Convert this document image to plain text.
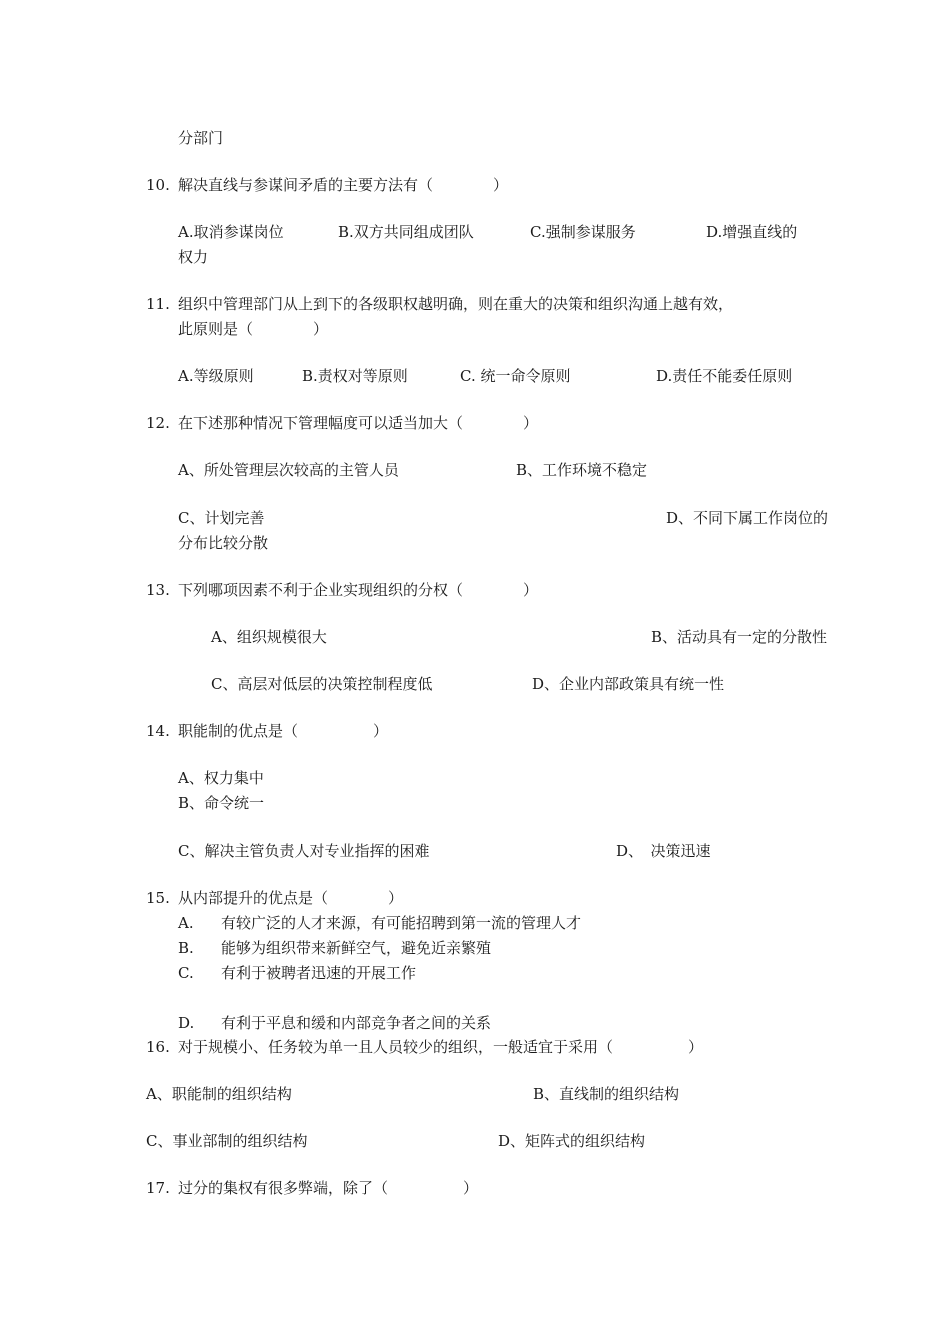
分部门
10. 解决直线与参谋间矛盾的主要方法有（　　　　）
A.取消参谋岗位	B.双方共同组成团队	C.强制参谋服务	D.增强直线的
权力
11. 组织中管理部门从上到下的各级职权越明确，则在重大的决策和组织沟通上越有效，
此原则是（　　　　）
A.等级原则	B.责权对等原则	C. 统一命令原则	D.责任不能委任原则
12. 在下述那种情况下管理幅度可以适当加大（　　　　）
A、所处管理层次较高的主管人员	B、工作环境不稳定
C、计划完善	D、不同下属工作岗位的
分布比较分散
13. 下列哪项因素不利于企业实现组织的分权（　　　　）
A、组织规模很大	B、活动具有一定的分散性
C、高层对低层的决策控制程度低	D、企业内部政策具有统一性
14. 职能制的优点是（　　　　　）
A、权力集中
B、命令统一
C、解决主管负责人对专业指挥的困难	D、　决策迅速
15. 从内部提升的优点是（　　　　）
A. 有较广泛的人才来源，有可能招聘到第一流的管理人才
B. 能够为组织带来新鲜空气，避免近亲繁殖
C. 有利于被聘者迅速的开展工作
D. 有利于平息和缓和内部竞争者之间的关系
16. 对于规模小、任务较为单一且人员较少的组织，一般适宜于采用（　　　　　）
A、职能制的组织结构	B、直线制的组织结构
C、事业部制的组织结构	D、矩阵式的组织结构
17. 过分的集权有很多弊端，除了（　　　　　）
